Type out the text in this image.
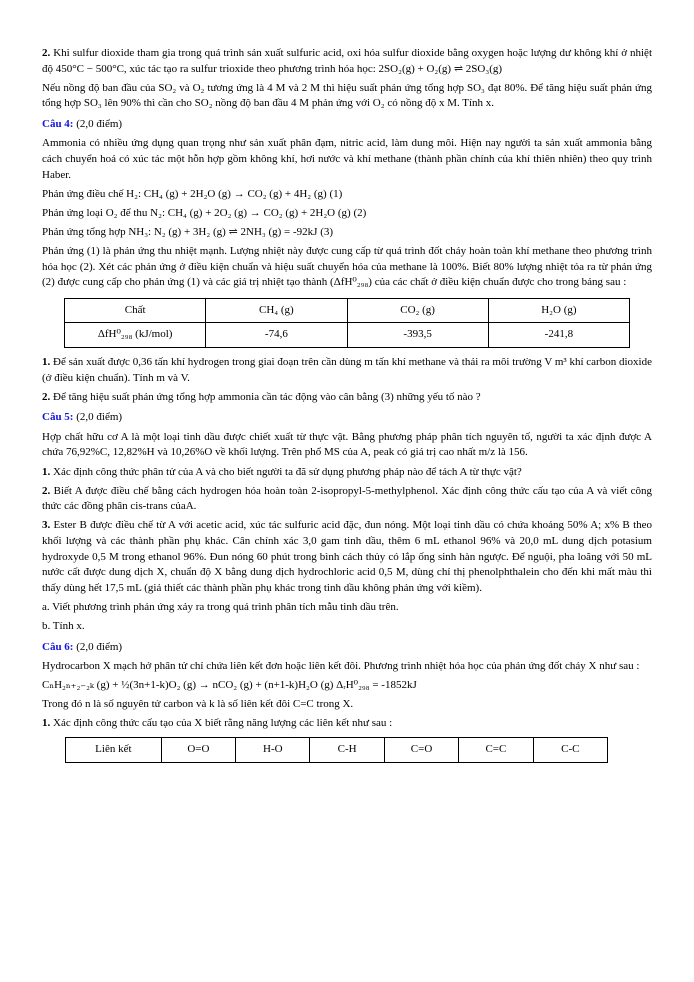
2. Khi sulfur dioxide tham gia trong quá trình sản xuất sulfuric acid, oxi hóa sulfur dioxide bằng oxygen hoặc lượng dư không khí ở nhiệt độ 450°C − 500°C, xúc tác tạo ra sulfur trioxide theo phương trình hóa học: 2SO₂(g) + O₂(g) ⇌ 2SO₃(g)

Nếu nồng độ ban đầu của SO₂ và O₂ tương ứng là 4 M và 2 M thì hiệu suất phản ứng tổng hợp SO₃ đạt 80%. Để tăng hiệu suất phản ứng tổng hợp SO₃ lên 90% thì cần cho SO₂ nồng độ ban đầu 4 M phản ứng với O₂ có nồng độ x M. Tính x.

Câu 4: (2,0 điểm)

Ammonia có nhiều ứng dụng quan trọng như sản xuất phân đạm, nitric acid, làm dung môi. Hiện nay người ta sản xuất ammonia bằng cách chuyển hoá có xúc tác một hỗn hợp gồm không khí, hơi nước và khí methane (thành phần chính của khí thiên nhiên) theo quy trình Haber.

Phản ứng điều chế H₂: CH₄ (g) + 2H₂O (g) → CO₂ (g) + 4H₂ (g) (1)

Phản ứng loại O₂ để thu N₂: CH₄ (g) + 2O₂ (g) → CO₂ (g) + 2H₂O (g) (2)

Phản ứng tổng hợp NH₃: N₂ (g) + 3H₂ (g) ⇌ 2NH₃ (g) = -92kJ (3)

Phản ứng (1) là phản ứng thu nhiệt mạnh. Lượng nhiệt này được cung cấp từ quá trình đốt cháy hoàn toàn khí methane theo phương trình hóa học (2). Xét các phản ứng ở điều kiện chuẩn và hiệu suất chuyển hóa của methane là 100%. Biết 80% lượng nhiệt tỏa ra từ phản ứng (2) được cung cấp cho phản ứng (1) và các giá trị nhiệt tạo thành (ΔfH⁰₂₉₈) của các chất ở điều kiện chuẩn được cho trong bảng sau :

Chất	CH₄ (g)	CO₂ (g)	H₂O (g)
ΔfH⁰₂₉₈ (kJ/mol)	-74,6	-393,5	-241,8

1. Để sản xuất được 0,36 tấn khí hydrogen trong giai đoạn trên cần dùng m tấn khí methane và thải ra môi trường V m³ khí carbon dioxide (ở điều kiện chuẩn). Tính m và V.

2. Để tăng hiệu suất phản ứng tổng hợp ammonia cần tác động vào cân bằng (3) những yếu tố nào ?

Câu 5: (2,0 điểm)

Hợp chất hữu cơ A là một loại tinh dầu được chiết xuất từ thực vật. Bằng phương pháp phân tích nguyên tố, người ta xác định được A chứa 76,92%C, 12,82%H và 10,26%O về khối lượng. Trên phổ MS của A, peak có giá trị cao nhất m/z là 156.

1. Xác định công thức phân tử của A và cho biết người ta đã sử dụng phương pháp nào để tách A từ thực vật?

2. Biết A được điều chế bằng cách hydrogen hóa hoàn toàn 2-isopropyl-5-methylphenol. Xác định công thức cấu tạo của A và viết công thức các đồng phân cis-trans củaA.

3. Ester B được điều chế từ A với acetic acid, xúc tác sulfuric acid đặc, đun nóng. Một loại tinh dầu có chứa khoảng 50% A; x% B theo khối lượng và các thành phần phụ khác. Cân chính xác 3,0 gam tinh dầu, thêm 6 mL ethanol 96% và 20,0 mL dung dịch potasium hydroxyde 0,5 M trong ethanol 96%. Đun nóng 60 phút trong bình cách thủy có lắp ống sinh hàn ngược. Để nguội, pha loãng với 50 mL nước cất được dung dịch X, chuẩn độ X bằng dung dịch hydrochloric acid 0,5 M, dùng chỉ thị phenolphthalein cho đến khi mất màu thì thấy dùng hết 17,5 mL (giả thiết các thành phần phụ khác trong tinh dầu không phản ứng với kiềm).

a. Viết phương trình phản ứng xảy ra trong quá trình phân tích mẫu tinh dầu trên.

b. Tính x.

Câu 6: (2,0 điểm)

Hydrocarbon X mạch hở phân tử chỉ chứa liên kết đơn hoặc liên kết đôi. Phương trình nhiệt hóa học của phản ứng đốt cháy X như sau :

CₙH₂ₙ₊₂₋₂ₖ (g) + ½(3n+1-k)O₂ (g) → nCO₂ (g) + (n+1-k)H₂O (g) ΔᵣH⁰₂₉₈ = -1852kJ

Trong đó n là số nguyên tử carbon và k là số liên kết đôi C=C trong X.

1. Xác định công thức cấu tạo của X biết rằng năng lượng các liên kết như sau :

Liên kết	O=O	H-O	C-H	C=O	C=C	C-C
